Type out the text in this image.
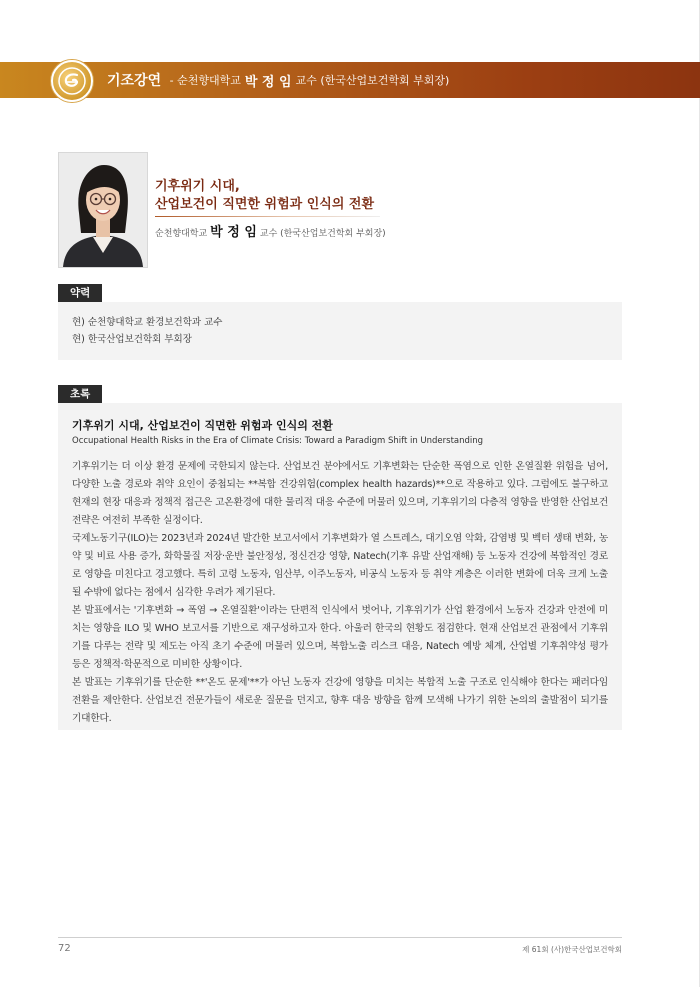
기조강연 - 순천향대학교 박 정 임 교수 (한국산업보건학회 부회장)
기후위기 시대,
산업보건이 직면한 위험과 인식의 전환
순천향대학교 박 정 임 교수 (한국산업보건학회 부회장)
약력
현) 순천향대학교 환경보건학과 교수
현) 한국산업보건학회 부회장
초록
기후위기 시대, 산업보건이 직면한 위험과 인식의 전환
Occupational Health Risks in the Era of Climate Crisis: Toward a Paradigm Shift in Understanding

기후위기는 더 이상 환경 문제에 국한되지 않는다. 산업보건 분야에서도 기후변화는 단순한 폭염으로 인한 온열질환 위험을 넘어, 다양한 노출 경로와 취약 요인이 중첩되는 **복합 건강위험(complex health hazards)**으로 작용하고 있다. 그럼에도 불구하고 현재의 현장 대응과 정책적 접근은 고온환경에 대한 물리적 대응 수준에 머물러 있으며, 기후위기의 다층적 영향을 반영한 산업보건 전략은 여전히 부족한 실정이다.

국제노동기구(ILO)는 2023년과 2024년 발간한 보고서에서 기후변화가 열 스트레스, 대기오염 악화, 감염병 및 벡터 생태 변화, 농약 및 비료 사용 증가, 화학물질 저장·운반 불안정성, 정신건강 영향, Natech(기후 유발 산업재해) 등 노동자 건강에 복합적인 경로로 영향을 미친다고 경고했다. 특히 고령 노동자, 임산부, 이주노동자, 비공식 노동자 등 취약 계층은 이러한 변화에 더욱 크게 노출될 수밖에 없다는 점에서 심각한 우려가 제기된다.

본 발표에서는 '기후변화 → 폭염 → 온열질환'이라는 단편적 인식에서 벗어나, 기후위기가 산업 환경에서 노동자 건강과 안전에 미치는 영향을 ILO 및 WHO 보고서를 기반으로 재구성하고자 한다. 아울러 한국의 현황도 점검한다. 현재 산업보건 관점에서 기후위기를 다루는 전략 및 제도는 아직 초기 수준에 머물러 있으며, 복합노출 리스크 대응, Natech 예방 체계, 산업별 기후취약성 평가 등은 정책적·학문적으로 미비한 상황이다.

본 발표는 기후위기를 단순한 **'온도 문제'**가 아닌 노동자 건강에 영향을 미치는 복합적 노출 구조로 인식해야 한다는 패러다임 전환을 제안한다. 산업보건 전문가들이 새로운 질문을 던지고, 향후 대응 방향을 함께 모색해 나가기 위한 논의의 출발점이 되기를 기대한다.

72	제 61회 (사)한국산업보건학회
